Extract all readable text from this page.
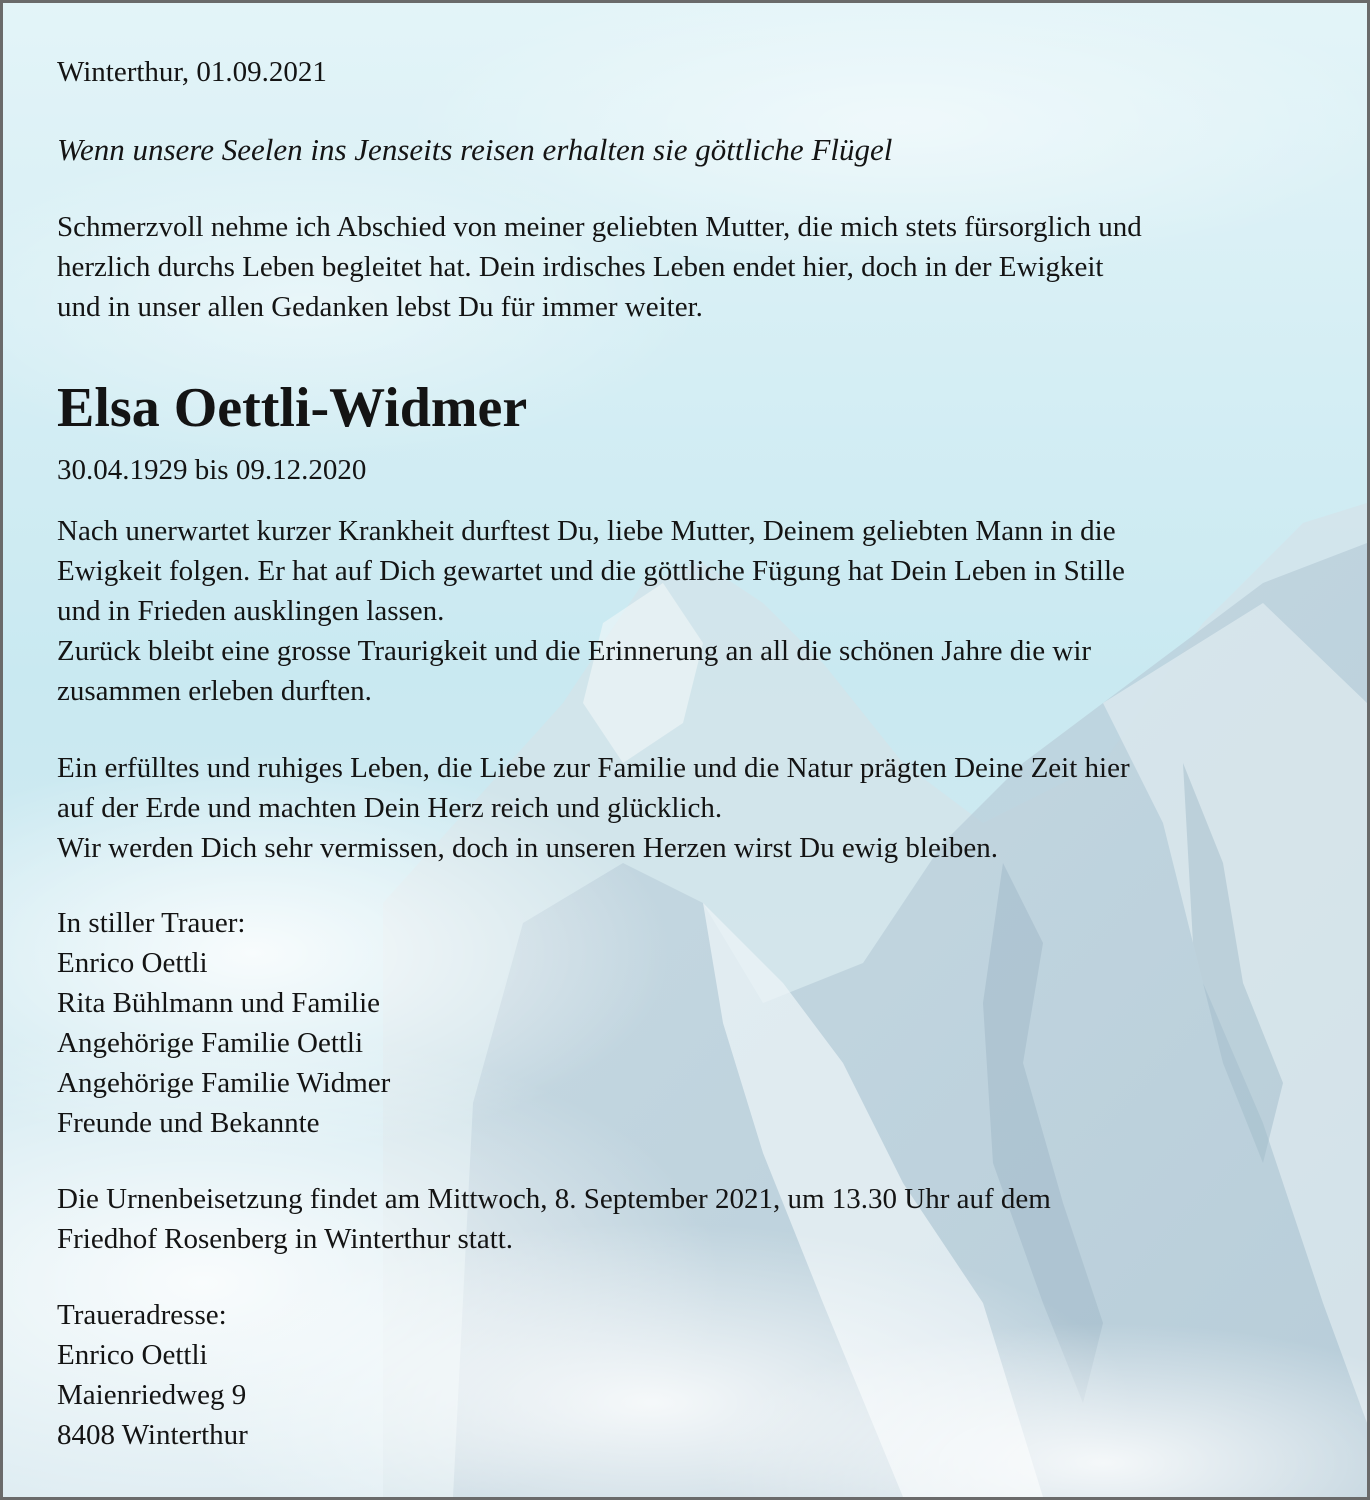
Winterthur, 01.09.2021

Wenn unsere Seelen ins Jenseits reisen erhalten sie göttliche Flügel

Schmerzvoll nehme ich Abschied von meiner geliebten Mutter, die mich stets fürsorglich und
herzlich durchs Leben begleitet hat. Dein irdisches Leben endet hier, doch in der Ewigkeit
und in unser allen Gedanken lebst Du für immer weiter.
Elsa Oettli-Widmer

30.04.1929 bis 09.12.2020

Nach unerwartet kurzer Krankheit durftest Du, liebe Mutter, Deinem geliebten Mann in die
Ewigkeit folgen. Er hat auf Dich gewartet und die göttliche Fügung hat Dein Leben in Stille
und in Frieden ausklingen lassen.
Zurück bleibt eine grosse Traurigkeit und die Erinnerung an all die schönen Jahre die wir
zusammen erleben durften.
Ein erfülltes und ruhiges Leben, die Liebe zur Familie und die Natur prägten Deine Zeit hier
auf der Erde und machten Dein Herz reich und glücklich.
Wir werden Dich sehr vermissen, doch in unseren Herzen wirst Du ewig bleiben.
In stiller Trauer:
Enrico Oettli
Rita Bühlmann und Familie
Angehörige Familie Oettli
Angehörige Familie Widmer
Freunde und Bekannte
Die Urnenbeisetzung findet am Mittwoch, 8. September 2021, um 13.30 Uhr auf dem
Friedhof Rosenberg in Winterthur statt.
Traueradresse:
Enrico Oettli
Maienriedweg 9
8408 Winterthur
